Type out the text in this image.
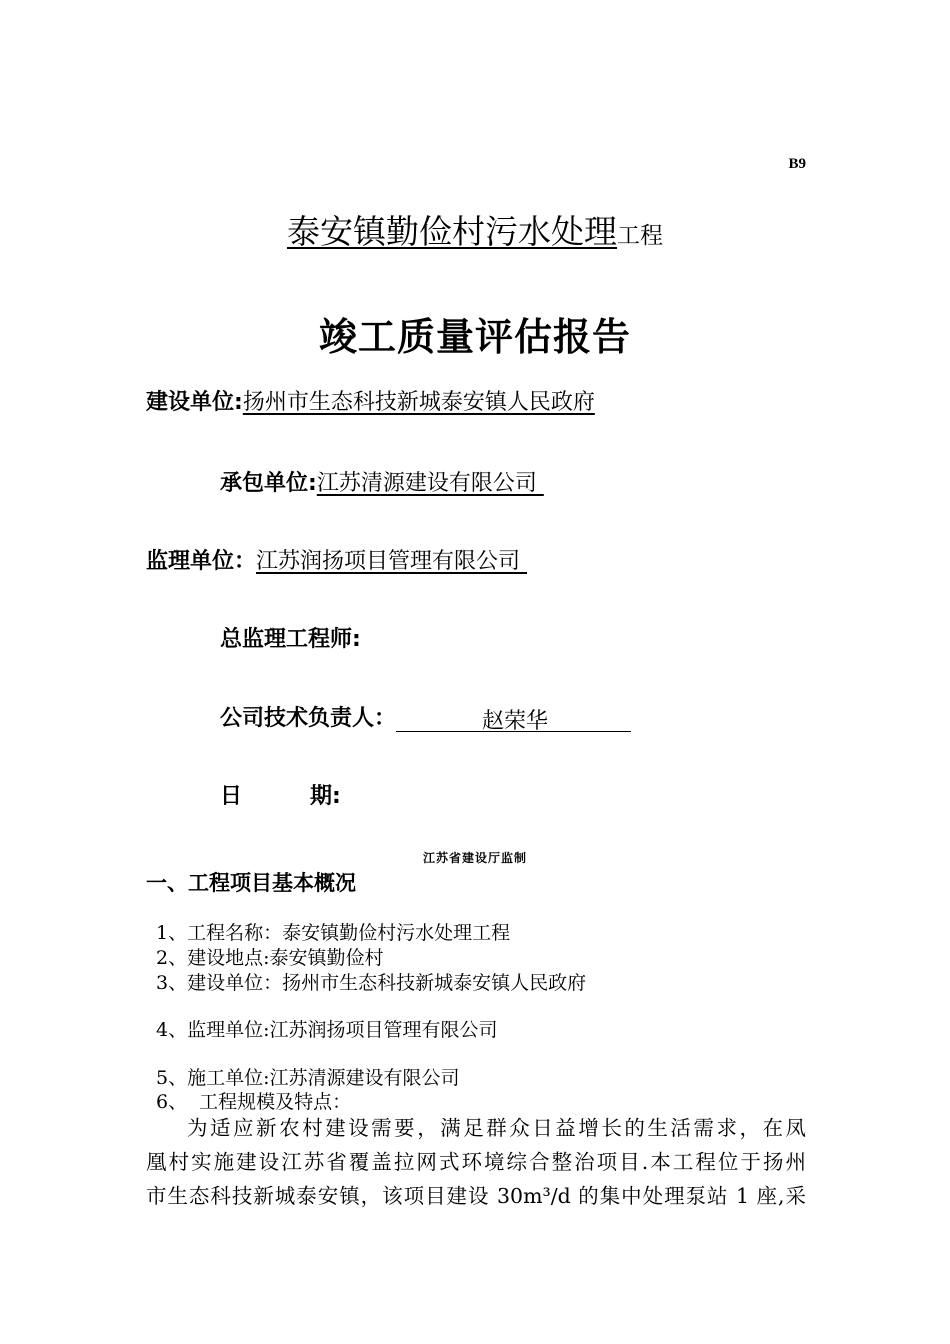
B9
泰安镇勤俭村污水处理工程
竣工质量评估报告
建设单位:扬州市生态科技新城泰安镇人民政府
承包单位:江苏清源建设有限公司
监理单位：江苏润扬项目管理有限公司
总监理工程师:
公司技术负责人：	赵荣华
日	期:
江苏省建设厅监制
一、工程项目基本概况
1、工程名称：泰安镇勤俭村污水处理工程
2、建设地点:泰安镇勤俭村
3、建设单位：扬州市生态科技新城泰安镇人民政府
4、监理单位:江苏润扬项目管理有限公司
5、施工单位:江苏清源建设有限公司
6、  工程规模及特点：

为适应新农村建设需要，满足群众日益增长的生活需求，在凤

凰村实施建设江苏省覆盖拉网式环境综合整治项目.本工程位于扬州

市生态科技新城泰安镇，该项目建设 30m³/d 的集中处理泵站 1 座,采
